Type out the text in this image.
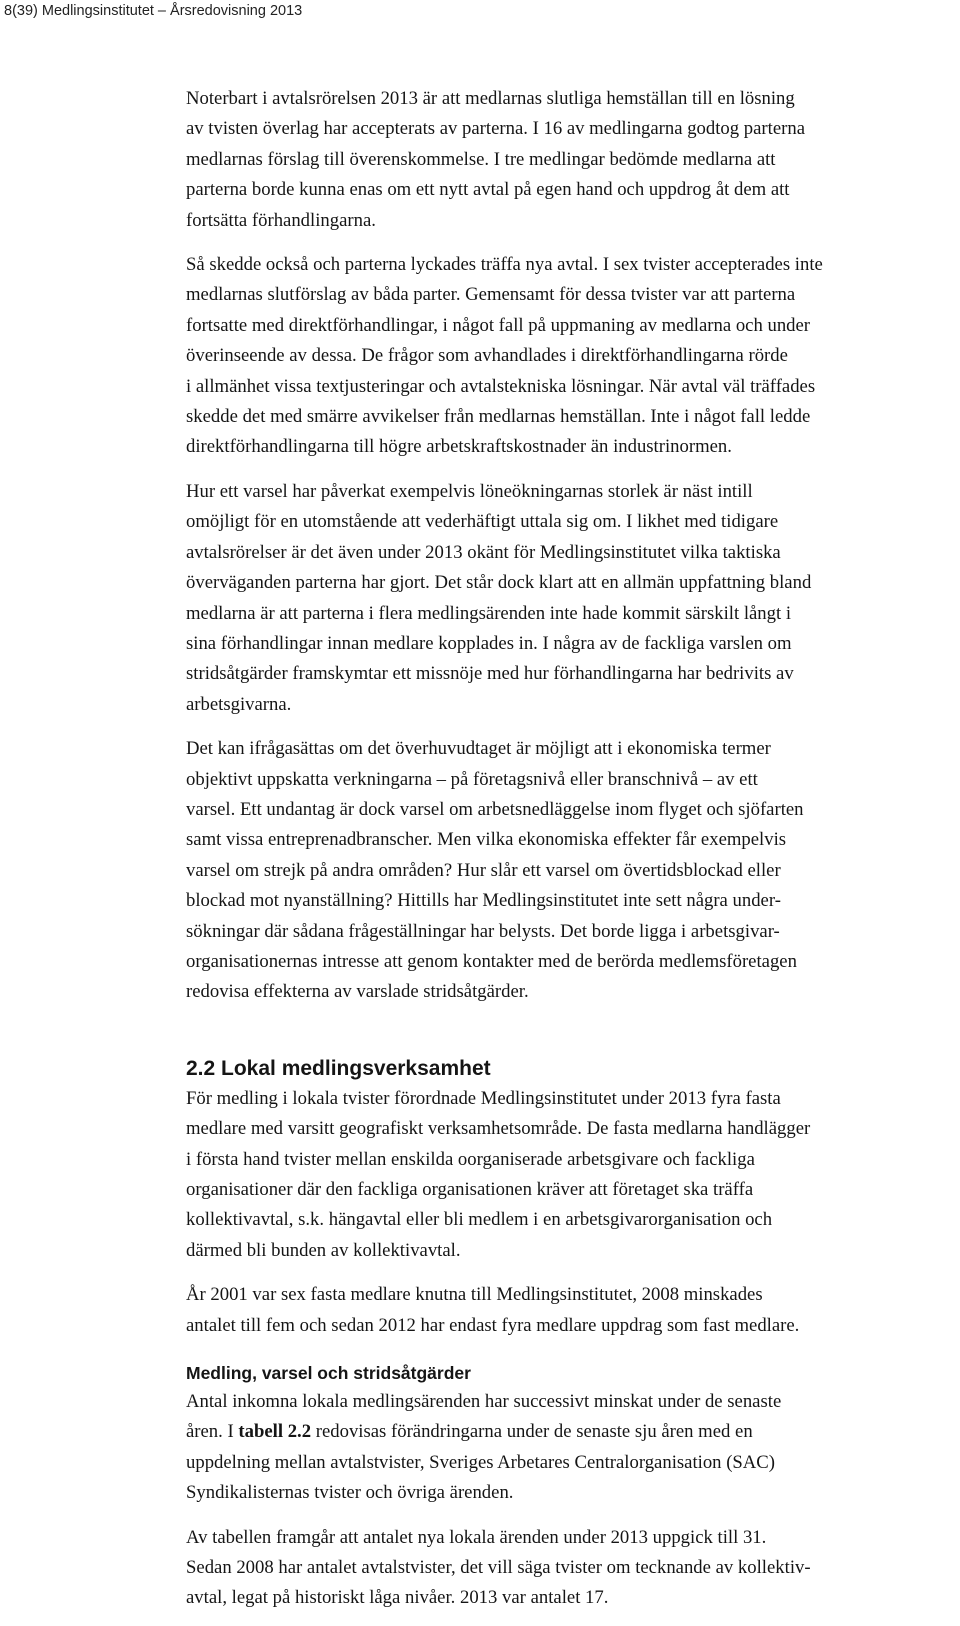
8(39) Medlingsinstitutet – Årsredovisning 2013
Noterbart i avtalsrörelsen 2013 är att medlarnas slutliga hemställan till en lösning
av tvisten överlag har accepterats av parterna. I 16 av medlingarna godtog parterna
medlarnas förslag till överenskommelse. I tre medlingar bedömde medlarna att
parterna borde kunna enas om ett nytt avtal på egen hand och uppdrog åt dem att
fortsätta förhandlingarna.
Så skedde också och parterna lyckades träffa nya avtal. I sex tvister accepterades inte
medlarnas slutförslag av båda parter. Gemensamt för dessa tvister var att parterna
fortsatte med direktförhandlingar, i något fall på uppmaning av medlarna och under
överinseende av dessa. De frågor som avhandlades i direktförhandlingarna rörde
i allmänhet vissa textjusteringar och avtalstekniska lösningar. När avtal väl träffades
skedde det med smärre avvikelser från medlarnas hemställan. Inte i något fall ledde
direktförhandlingarna till högre arbetskraftskostnader än industrinormen.
Hur ett varsel har påverkat exempelvis löneökningarnas storlek är näst intill
omöjligt för en utomstående att vederhäftigt uttala sig om. I likhet med tidigare
avtalsrörelser är det även under 2013 okänt för Medlingsinstitutet vilka taktiska
överväganden parterna har gjort. Det står dock klart att en allmän uppfattning bland
medlarna är att parterna i flera medlingsärenden inte hade kommit särskilt långt i
sina förhandlingar innan medlare kopplades in. I några av de fackliga varslen om
stridsåtgärder framskymtar ett missnöje med hur förhandlingarna har bedrivits av
arbetsgivarna.
Det kan ifrågasättas om det överhuvudtaget är möjligt att i ekonomiska termer
objektivt uppskatta verkningarna – på företagsnivå eller branschnivå – av ett
varsel. Ett undantag är dock varsel om arbetsnedläggelse inom flyget och sjöfarten
samt vissa entreprenadbranscher. Men vilka ekonomiska effekter får exempelvis
varsel om strejk på andra områden? Hur slår ett varsel om övertidsblockad eller
blockad mot nyanställning? Hittills har Medlingsinstitutet inte sett några under-
sökningar där sådana frågeställningar har belysts. Det borde ligga i arbetsgivar-
organisationernas intresse att genom kontakter med de berörda medlemsföretagen
redovisa effekterna av varslade stridsåtgärder.
2.2 Lokal medlingsverksamhet
För medling i lokala tvister förordnade Medlingsinstitutet under 2013 fyra fasta
medlare med varsitt geografiskt verksamhetsområde. De fasta medlarna handlägger
i första hand tvister mellan enskilda oorganiserade arbetsgivare och fackliga
organisationer där den fackliga organisationen kräver att företaget ska träffa
kollektivavtal, s.k. hängavtal eller bli medlem i en arbetsgivarorganisation och
därmed bli bunden av kollektivavtal.
År 2001 var sex fasta medlare knutna till Medlingsinstitutet, 2008 minskades
antalet till fem och sedan 2012 har endast fyra medlare uppdrag som fast medlare.
Medling, varsel och stridsåtgärder
Antal inkomna lokala medlingsärenden har successivt minskat under de senaste
åren. I tabell 2.2 redovisas förändringarna under de senaste sju åren med en
uppdelning mellan avtalstvister, Sveriges Arbetares Centralorganisation (SAC)
Syndikalisternas tvister och övriga ärenden.
Av tabellen framgår att antalet nya lokala ärenden under 2013 uppgick till 31.
Sedan 2008 har antalet avtalstvister, det vill säga tvister om tecknande av kollektiv-
avtal, legat på historiskt låga nivåer. 2013 var antalet 17.
